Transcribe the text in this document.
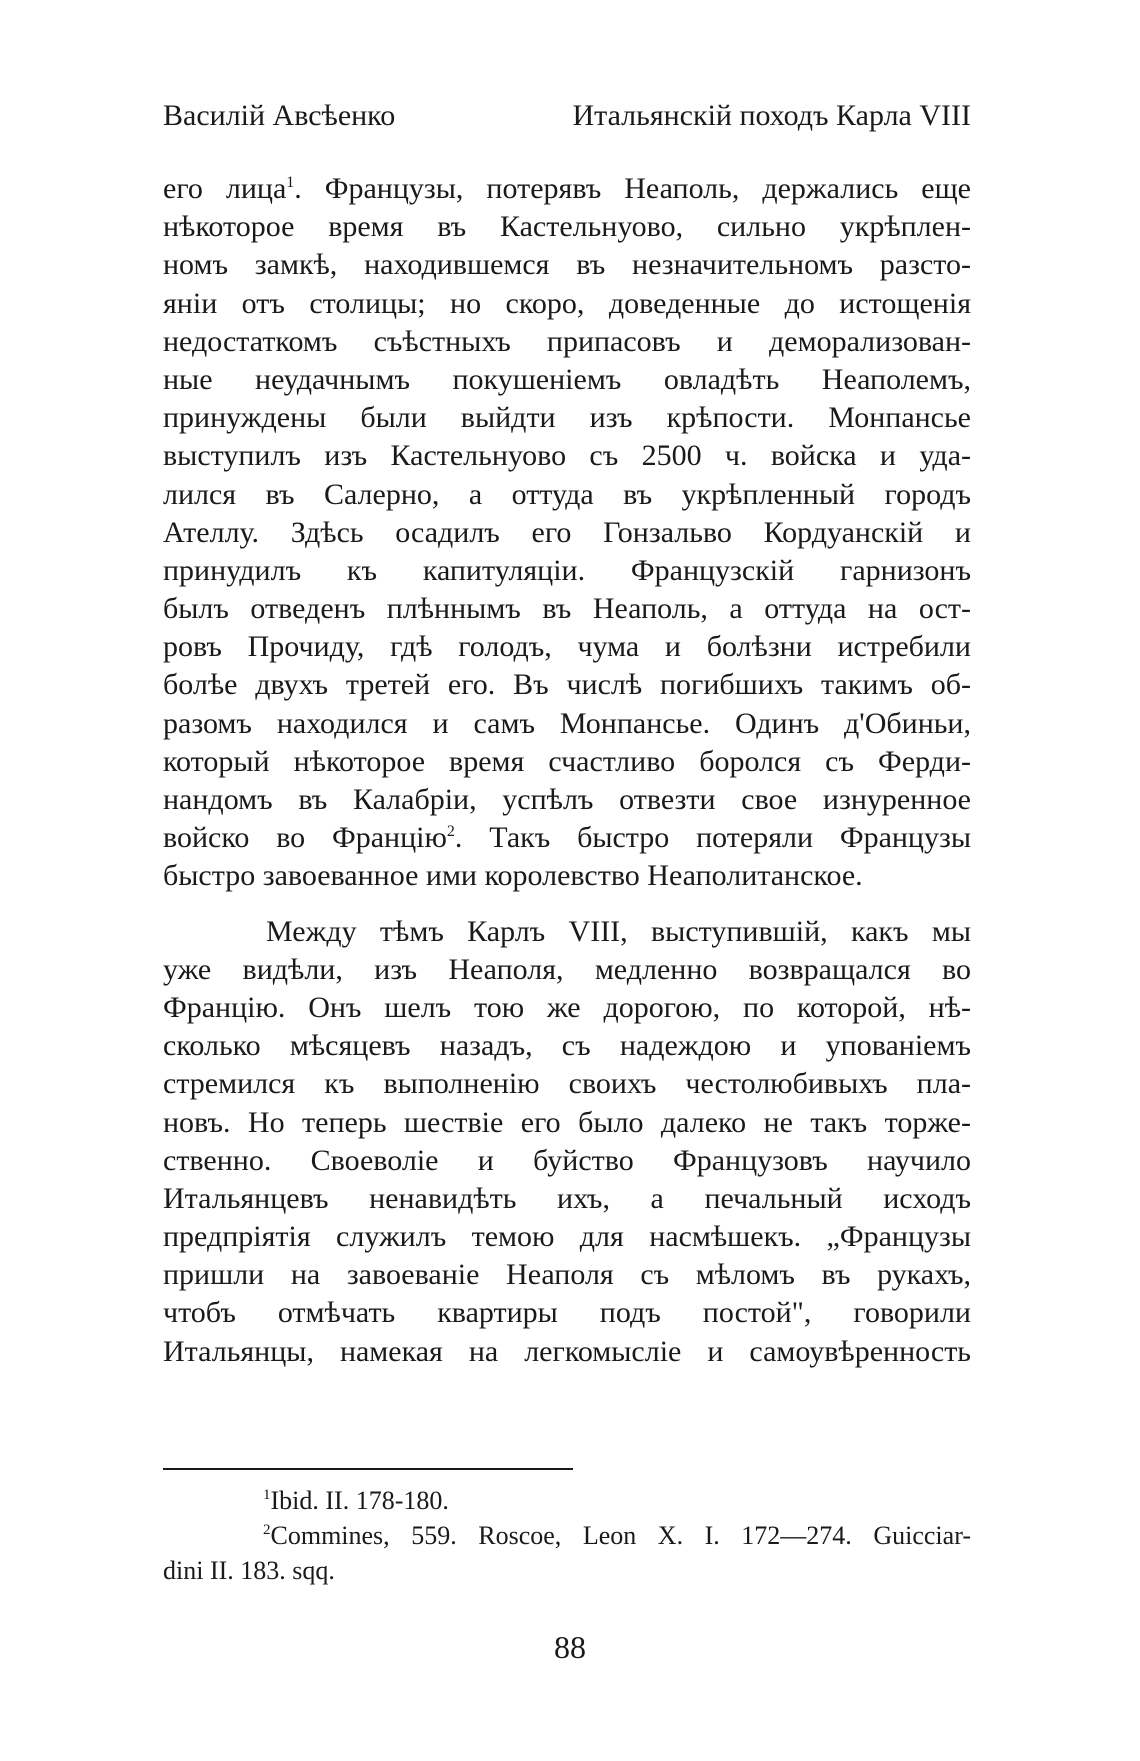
Василій Авсѣенко	Итальянскій походъ Карла VIII
его лица$^1$. Французы, потерявъ Неаполь, держались еще
нѣкоторое время въ Кастельнуово, сильно укрѣплен-
номъ замкѣ, находившемся въ незначительномъ разсто-
яніи отъ столицы; но скоро, доведенные до истощенія
недостаткомъ съѣстныхъ припасовъ и деморализован-
ные неудачнымъ покушеніемъ овладѣть Неаполемъ,
принуждены были выйдти изъ крѣпости. Монпансье
выступилъ изъ Кастельнуово съ 2500 ч. войска и уда-
лился въ Салерно, а оттуда въ укрѣпленный городъ
Ателлу. Здѣсь осадилъ его Гонзальво Кордуанскій и
принудилъ къ капитуляціи. Французскій гарнизонъ
былъ отведенъ плѣннымъ въ Неаполь, а оттуда на ост-
ровъ Прочиду, гдѣ голодъ, чума и болѣзни истребили
болѣе двухъ третей его. Въ числѣ погибшихъ такимъ об-
разомъ находился и самъ Монпансье. Одинъ д'Обиньи,
который нѣкоторое время счастливо боролся съ Ферди-
нандомъ въ Калабріи, успѣлъ отвезти свое изнуренное
войско во Францію$^2$. Такъ быстро потеряли Французы
быстро завоеванное ими королевство Неаполитанское.
Между тѣмъ Карлъ VIII, выступившій, какъ мы
уже видѣли, изъ Неаполя, медленно возвращался во
Францію. Онъ шелъ тою же дорогою, по которой, нѣ-
сколько мѣсяцевъ назадъ, съ надеждою и упованіемъ
стремился къ выполненію своихъ честолюбивыхъ пла-
новъ. Но теперь шествіе его было далеко не такъ торже-
ственно. Своеволіе и буйство Французовъ научило
Итальянцевъ ненавидѣть ихъ, а печальный исходъ
предпріятія служилъ темою для насмѣшекъ. „Французы
пришли на завоеваніе Неаполя съ мѣломъ въ рукахъ,
чтобъ отмѣчать квартиры подъ постой", говорили
Итальянцы, намекая на легкомысліе и самоувѣренность
$^1$Ibid. II. 178-180.
$^2$Commines, 559. Roscoe, Leon X. I. 172—274. Guicciar-
dini II. 183. sqq.
88
